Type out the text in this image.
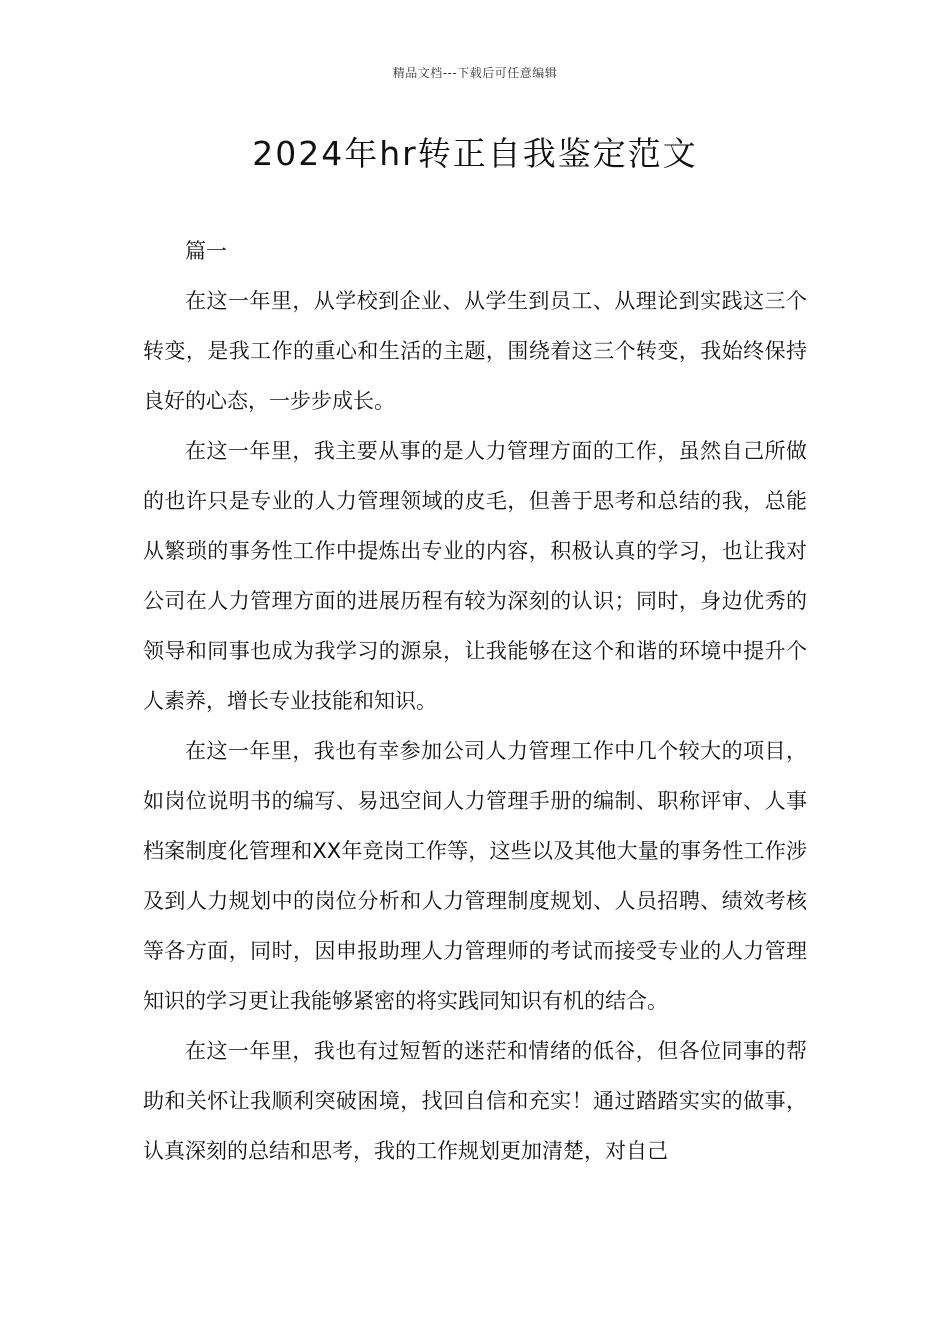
精品文档---下载后可任意编辑
2024年hr转正自我鉴定范文

篇一

在这一年里，从学校到企业、从学生到员工、从理论到实践这三个转变，是我工作的重心和生活的主题，围绕着这三个转变，我始终保持良好的心态，一步步成长。

在这一年里，我主要从事的是人力管理方面的工作，虽然自己所做的也许只是专业的人力管理领域的皮毛，但善于思考和总结的我，总能从繁琐的事务性工作中提炼出专业的内容，积极认真的学习，也让我对公司在人力管理方面的进展历程有较为深刻的认识；同时，身边优秀的领导和同事也成为我学习的源泉，让我能够在这个和谐的环境中提升个人素养，增长专业技能和知识。

在这一年里，我也有幸参加公司人力管理工作中几个较大的项目，如岗位说明书的编写、易迅空间人力管理手册的编制、职称评审、人事档案制度化管理和XX年竞岗工作等，这些以及其他大量的事务性工作涉及到人力规划中的岗位分析和人力管理制度规划、人员招聘、绩效考核等各方面，同时，因申报助理人力管理师的考试而接受专业的人力管理知识的学习更让我能够紧密的将实践同知识有机的结合。

在这一年里，我也有过短暂的迷茫和情绪的低谷，但各位同事的帮助和关怀让我顺利突破困境，找回自信和充实！通过踏踏实实的做事，认真深刻的总结和思考，我的工作规划更加清楚，对自己
